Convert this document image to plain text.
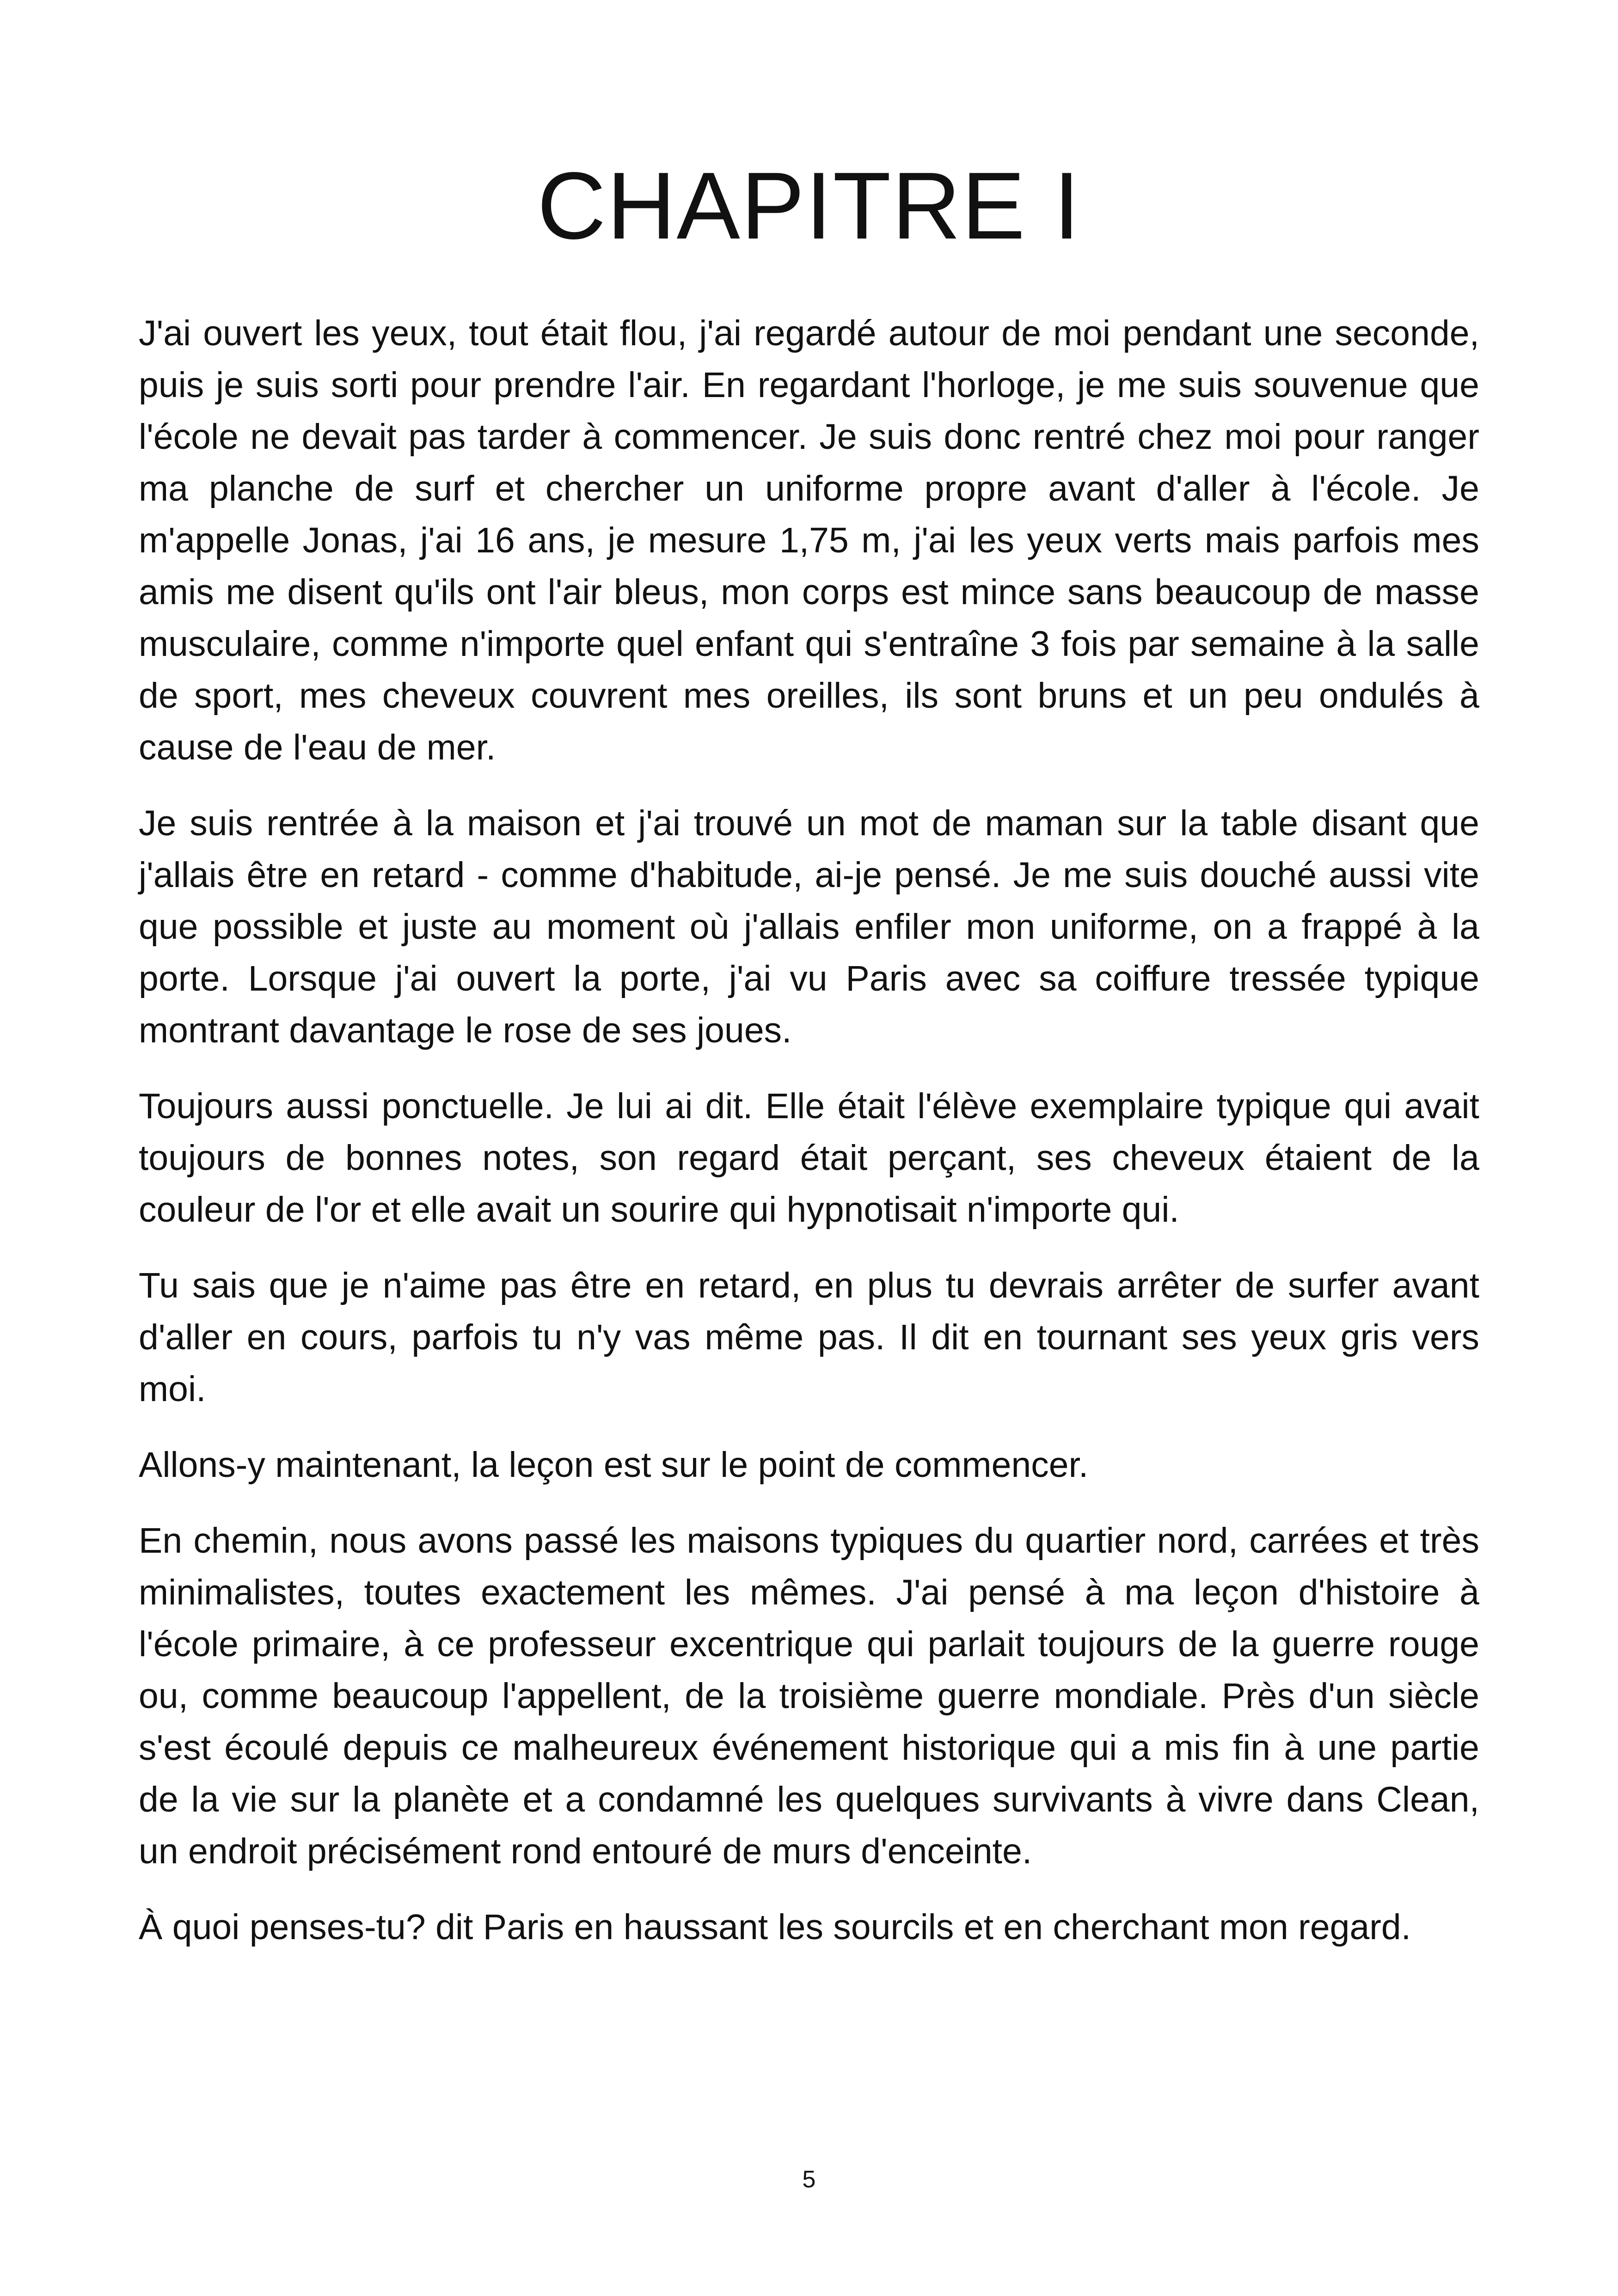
CHAPITRE I

J'ai ouvert les yeux, tout était flou, j'ai regardé autour de moi pendant une seconde, puis je suis sorti pour prendre l'air. En regardant l'horloge, je me suis souvenue que l'école ne devait pas tarder à commencer. Je suis donc rentré chez moi pour ranger ma planche de surf et chercher un uniforme propre avant d'aller à l'école. Je m'appelle Jonas, j'ai 16 ans, je mesure 1,75 m, j'ai les yeux verts mais parfois mes amis me disent qu'ils ont l'air bleus, mon corps est mince sans beaucoup de masse musculaire, comme n'importe quel enfant qui s'entraîne 3 fois par semaine à la salle de sport, mes cheveux couvrent mes oreilles, ils sont bruns et un peu ondulés à cause de l'eau de mer.

Je suis rentrée à la maison et j'ai trouvé un mot de maman sur la table disant que j'allais être en retard - comme d'habitude, ai-je pensé. Je me suis douché aussi vite que possible et juste au moment où j'allais enfiler mon uniforme, on a frappé à la porte. Lorsque j'ai ouvert la porte, j'ai vu Paris avec sa coiffure tressée typique montrant davantage le rose de ses joues.

Toujours aussi ponctuelle. Je lui ai dit. Elle était l'élève exemplaire typique qui avait toujours de bonnes notes, son regard était perçant, ses cheveux étaient de la couleur de l'or et elle avait un sourire qui hypnotisait n'importe qui.

Tu sais que je n'aime pas être en retard, en plus tu devrais arrêter de surfer avant d'aller en cours, parfois tu n'y vas même pas. Il dit en tournant ses yeux gris vers moi.

Allons-y maintenant, la leçon est sur le point de commencer.

En chemin, nous avons passé les maisons typiques du quartier nord, carrées et très minimalistes, toutes exactement les mêmes. J'ai pensé à ma leçon d'histoire à l'école primaire, à ce professeur excentrique qui parlait toujours de la guerre rouge ou, comme beaucoup l'appellent, de la troisième guerre mondiale. Près d'un siècle s'est écoulé depuis ce malheureux événement historique qui a mis fin à une partie de la vie sur la planète et a condamné les quelques survivants à vivre dans Clean, un endroit précisément rond entouré de murs d'enceinte.

À quoi penses-tu? dit Paris en haussant les sourcils et en cherchant mon regard.

5
